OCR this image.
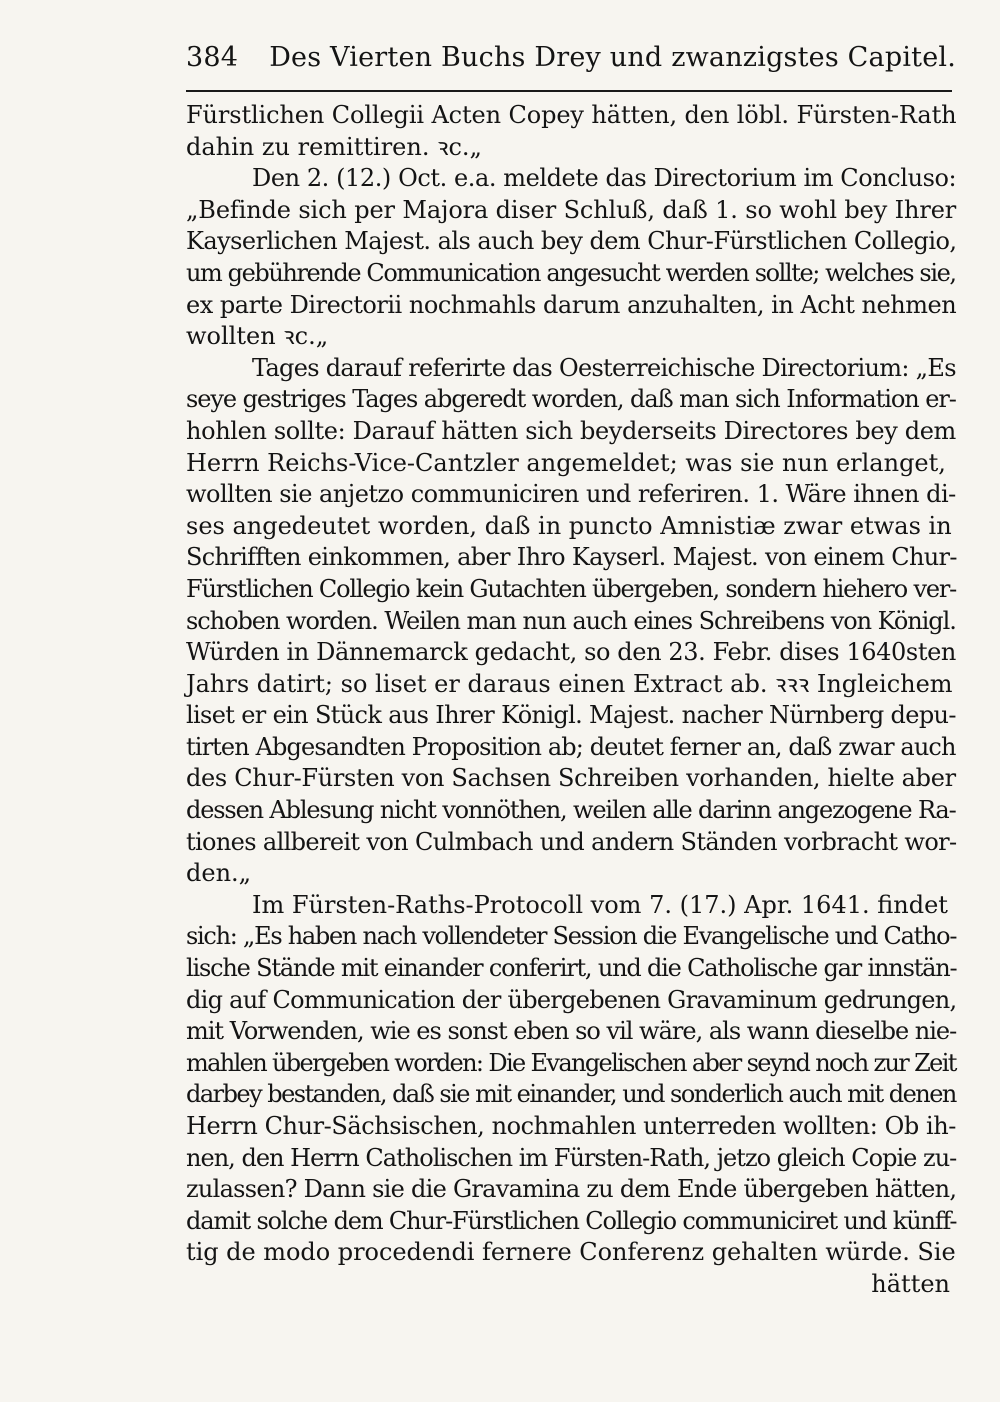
384	Des Vierten Buchs Drey und zwanzigstes Capitel.
Fürstlichen Collegii Acten Copey hätten, den löbl. Fürsten-Rath
dahin zu remittiren. ꝛc.„
Den 2. (12.) Oct. e.a. meldete das Directorium im Concluso:
„Befinde sich per Majora diser Schluß, daß 1. so wohl bey Ihrer
Kayserlichen Majest. als auch bey dem Chur-Fürstlichen Collegio,
um gebührende Communication angesucht werden sollte; welches sie,
ex parte Directorii nochmahls darum anzuhalten, in Acht nehmen
wollten ꝛc.„
Tages darauf referirte das Oesterreichische Directorium: „Es
seye gestriges Tages abgeredt worden, daß man sich Information er-
hohlen sollte: Darauf hätten sich beyderseits Directores bey dem
Herrn Reichs-Vice-Cantzler angemeldet; was sie nun erlanget,
wollten sie anjetzo communiciren und referiren. 1. Wäre ihnen di-
ses angedeutet worden, daß in puncto Amnistiæ zwar etwas in
Schrifften einkommen, aber Ihro Kayserl. Majest. von einem Chur-
Fürstlichen Collegio kein Gutachten übergeben, sondern hiehero ver-
schoben worden. Weilen man nun auch eines Schreibens von Königl.
Würden in Dännemarck gedacht, so den 23. Febr. dises 1640sten
Jahrs datirt; so liset er daraus einen Extract ab. ꝛꝛꝛ Ingleichem
liset er ein Stück aus Ihrer Königl. Majest. nacher Nürnberg depu-
tirten Abgesandten Proposition ab; deutet ferner an, daß zwar auch
des Chur-Fürsten von Sachsen Schreiben vorhanden, hielte aber
dessen Ablesung nicht vonnöthen, weilen alle darinn angezogene Ra-
tiones allbereit von Culmbach und andern Ständen vorbracht wor-
den.„
Im Fürsten-Raths-Protocoll vom 7. (17.) Apr. 1641. findet
sich: „Es haben nach vollendeter Session die Evangelische und Catho-
lische Stände mit einander conferirt, und die Catholische gar innstän-
dig auf Communication der übergebenen Gravaminum gedrungen,
mit Vorwenden, wie es sonst eben so vil wäre, als wann dieselbe nie-
mahlen übergeben worden: Die Evangelischen aber seynd noch zur Zeit
darbey bestanden, daß sie mit einander, und sonderlich auch mit denen
Herrn Chur-Sächsischen, nochmahlen unterreden wollten: Ob ih-
nen, den Herrn Catholischen im Fürsten-Rath, jetzo gleich Copie zu-
zulassen? Dann sie die Gravamina zu dem Ende übergeben hätten,
damit solche dem Chur-Fürstlichen Collegio communiciret und künff-
tig de modo procedendi fernere Conferenz gehalten würde. Sie
hätten
